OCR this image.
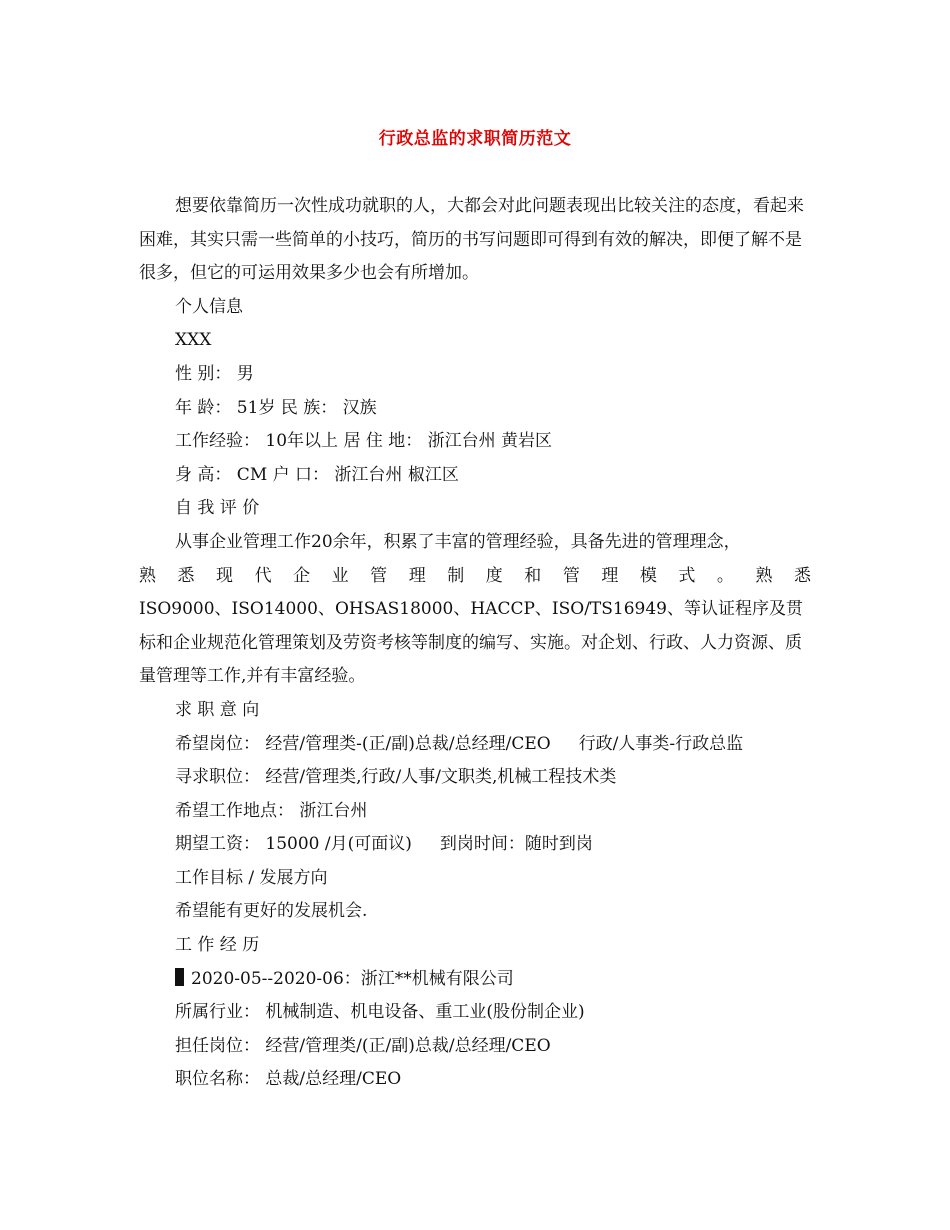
行政总监的求职简历范文

想要依靠简历一次性成功就职的人，大都会对此问题表现出比较关注的态度，看起来困难，其实只需一些简单的小技巧，简历的书写问题即可得到有效的解决，即便了解不是很多，但它的可运用效果多少也会有所增加。

个人信息

XXX

性 别： 男

年 龄： 51岁 民 族： 汉族

工作经验： 10年以上 居 住 地： 浙江台州 黄岩区

身 高： CM 户 口： 浙江台州 椒江区

自 我 评 价

从事企业管理工作20余年，积累了丰富的管理经验，具备先进的管理理念，

熟 悉 现 代 企 业 管 理 制 度 和 管 理 模 式 。 熟 悉

ISO9000、ISO14000、OHSAS18000、HACCP、ISO/TS16949、等认证程序及贯标和企业规范化管理策划及劳资考核等制度的编写、实施。对企划、行政、人力资源、质量管理等工作,并有丰富经验。

求 职 意 向

希望岗位： 经营/管理类-(正/副)总裁/总经理/CEO 行政/人事类-行政总监

寻求职位： 经营/管理类,行政/人事/文职类,机械工程技术类

希望工作地点： 浙江台州

期望工资： 15000 /月(可面议) 到岗时间：随时到岗

工作目标 / 发展方向

希望能有更好的发展机会.

工 作 经 历

2020-05--2020-06：浙江**机械有限公司

所属行业： 机械制造、机电设备、重工业(股份制企业)

担任岗位： 经营/管理类/(正/副)总裁/总经理/CEO

职位名称： 总裁/总经理/CEO
